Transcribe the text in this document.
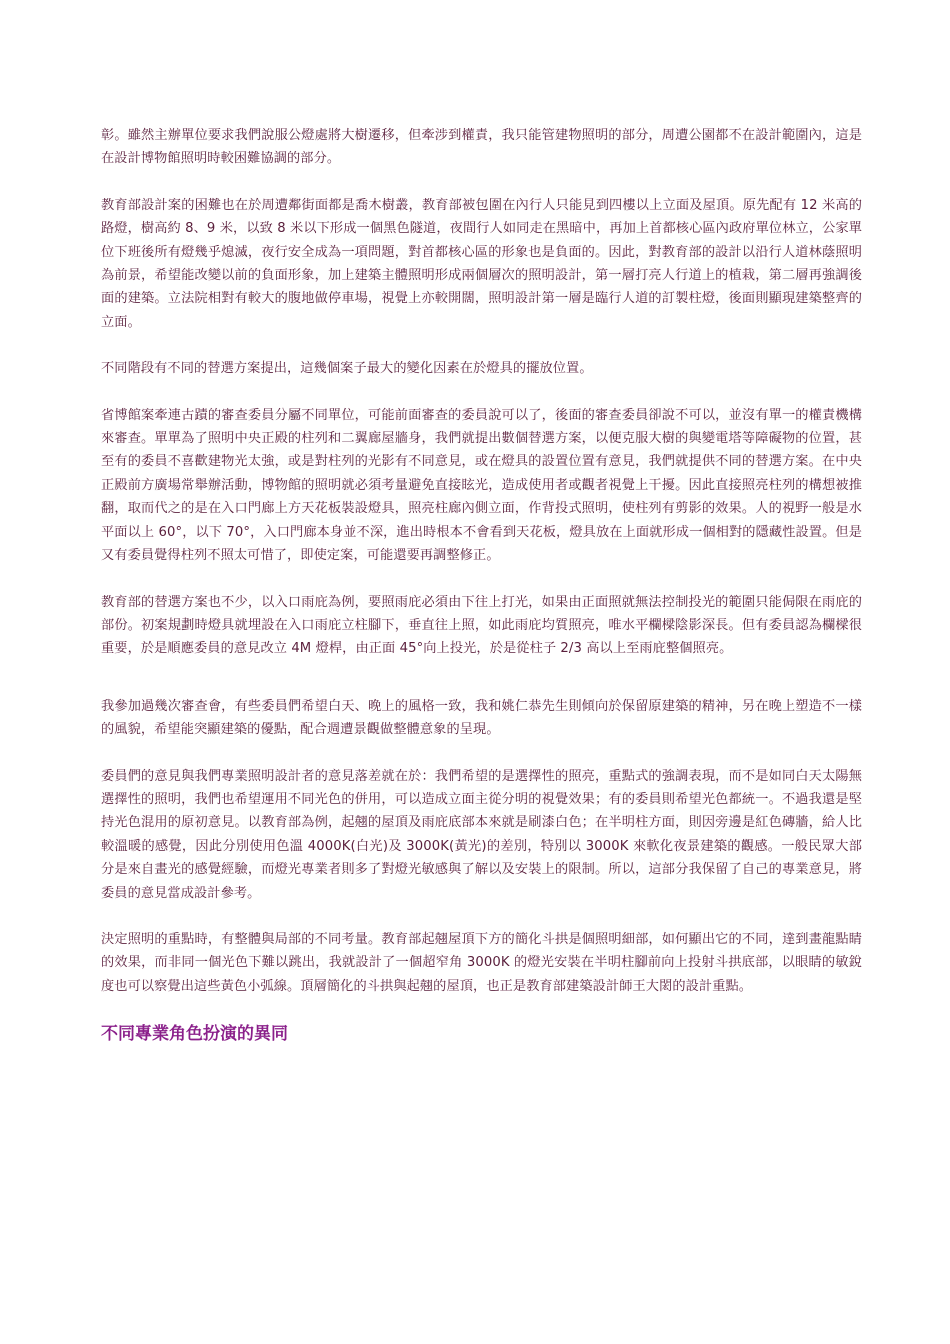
彰。雖然主辦單位要求我們說服公燈處將大樹遷移，但牽涉到權責，我只能管建物照明的部分，周遭公園都不在設計範圍內，這是在設計博物館照明時較困難協調的部分。

教育部設計案的困難也在於周遭鄰街面都是喬木樹叢，教育部被包圍在內行人只能見到四樓以上立面及屋頂。原先配有 12 米高的路燈，樹高約 8、9 米，以致 8 米以下形成一個黑色隧道，夜間行人如同走在黑暗中，再加上首都核心區內政府單位林立，公家單位下班後所有燈幾乎熄滅，夜行安全成為一項問題，對首都核心區的形象也是負面的。因此，對教育部的設計以沿行人道林蔭照明為前景，希望能改變以前的負面形象，加上建築主體照明形成兩個層次的照明設計，第一層打亮人行道上的植栽，第二層再強調後面的建築。立法院相對有較大的腹地做停車場，視覺上亦較開闊，照明設計第一層是臨行人道的訂製柱燈，後面則顯現建築整齊的立面。

不同階段有不同的替選方案提出，這幾個案子最大的變化因素在於燈具的擺放位置。

省博館案牽連古蹟的審查委員分屬不同單位，可能前面審查的委員說可以了，後面的審查委員卻說不可以，並沒有單一的權責機構來審查。單單為了照明中央正殿的柱列和二翼廊屋牆身，我們就提出數個替選方案，以便克服大樹的與變電塔等障礙物的位置，甚至有的委員不喜歡建物光太強，或是對柱列的光影有不同意見，或在燈具的設置位置有意見，我們就提供不同的替選方案。在中央正殿前方廣場常舉辦活動，博物館的照明就必須考量避免直接眩光，造成使用者或觀者視覺上干擾。因此直接照亮柱列的構想被推翻，取而代之的是在入口門廊上方天花板裝設燈具，照亮柱廊內側立面，作背投式照明，使柱列有剪影的效果。人的視野一般是水平面以上 60°，以下 70°，入口門廊本身並不深，進出時根本不會看到天花板，燈具放在上面就形成一個相對的隱藏性設置。但是又有委員覺得柱列不照太可惜了，即使定案，可能還要再調整修正。

教育部的替選方案也不少，以入口雨庇為例，要照雨庇必須由下往上打光，如果由正面照就無法控制投光的範圍只能侷限在雨庇的部份。初案規劃時燈具就埋設在入口雨庇立柱腳下，垂直往上照，如此雨庇均質照亮，唯水平欄樑陰影深長。但有委員認為欄樑很重要，於是順應委員的意見改立 4M 燈桿，由正面 45°向上投光，於是從柱子 2/3 高以上至雨庇整個照亮。

我參加過幾次審查會，有些委員們希望白天、晚上的風格一致，我和姚仁恭先生則傾向於保留原建築的精神，另在晚上塑造不一樣的風貌，希望能突顯建築的優點，配合週遭景觀做整體意象的呈現。

委員們的意見與我們專業照明設計者的意見落差就在於：我們希望的是選擇性的照亮，重點式的強調表現，而不是如同白天太陽無選擇性的照明，我們也希望運用不同光色的併用，可以造成立面主從分明的視覺效果；有的委員則希望光色都統一。不過我還是堅持光色混用的原初意見。以教育部為例，起翹的屋頂及雨庇底部本來就是刷漆白色；在半明柱方面，則因旁邊是紅色磚牆，給人比較溫暖的感覺，因此分別使用色溫 4000K(白光)及 3000K(黃光)的差別，特別以 3000K 來軟化夜景建築的觀感。一般民眾大部分是來自畫光的感覺經驗，而燈光專業者則多了對燈光敏感與了解以及安裝上的限制。所以，這部分我保留了自己的專業意見，將委員的意見當成設計參考。

決定照明的重點時，有整體與局部的不同考量。教育部起翹屋頂下方的簡化斗拱是個照明細部，如何顯出它的不同，達到畫龍點睛的效果，而非同一個光色下難以跳出，我就設計了一個超窄角 3000K 的燈光安裝在半明柱腳前向上投射斗拱底部，以眼睛的敏銳度也可以察覺出這些黃色小弧線。頂層簡化的斗拱與起翹的屋頂，也正是教育部建築設計師王大閎的設計重點。

不同專業角色扮演的異同
